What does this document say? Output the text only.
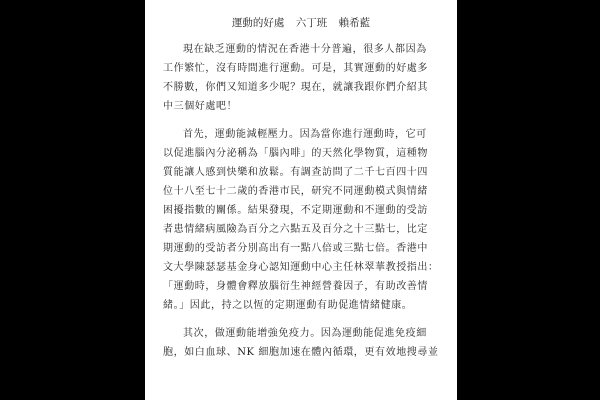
運動的好處 六丁班 賴希藍
現在缺乏運動的情況在香港十分普遍，很多人都因為
工作繁忙，沒有時間進行運動。可是，其實運動的好處多
不勝數，你們又知道多少呢？現在，就讓我跟你們介紹其
中三個好處吧！
首先，運動能減輕壓力。因為當你進行運動時，它可
以促進腦內分泌稱為「腦內啡」的天然化學物質，這種物
質能讓人感到快樂和放鬆。有調查訪問了二千七百四十四
位十八至七十二歲的香港市民，研究不同運動模式與情緒
困擾指數的關係。結果發現，不定期運動和不運動的受訪
者患情緒病風險為百分之六點五及百分之十三點七，比定
期運動的受訪者分別高出有一點八倍或三點七倍。香港中
文大學陳瑟瑟基金身心認知運動中心主任林翠華教授指出：
「運動時，身體會釋放腦衍生神經營養因子，有助改善情
緒。」因此，持之以恆的定期運動有助促進情緒健康。
其次，做運動能增強免疫力。因為運動能促進免疫細
胞，如白血球、NK 細胞加速在體內循環，更有效地搜尋並
